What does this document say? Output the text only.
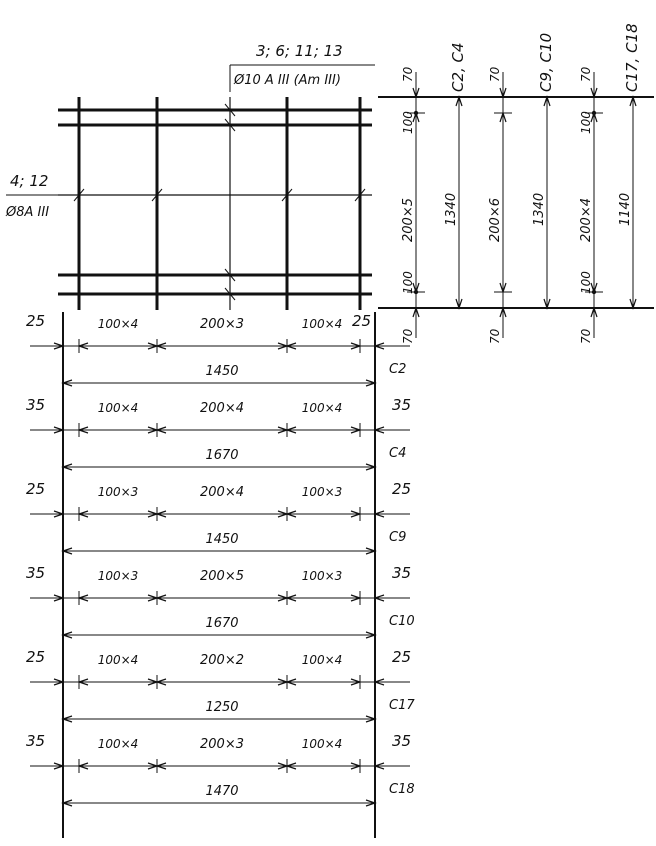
3; 6; 11; 13
Ø10 A III (Am III)
4; 12
Ø8A III
C2, C4
100
100
200×5
70
70
1340
C9, C10
200×6
70
70
1340
C17, C18
100
100
200×4
70
70
1140
25	100×4	200×3	100×4 25
1450	C2
35	100×4	200×4	100×4	35
1670	C4
25	100×3	200×4	100×3	25
1450	C9
35	100×3	200×5	100×3	35
1670	C10
25	100×4	200×2	100×4	25
1250	C17
35	100×4	200×3	100×4	35
1470	C18
